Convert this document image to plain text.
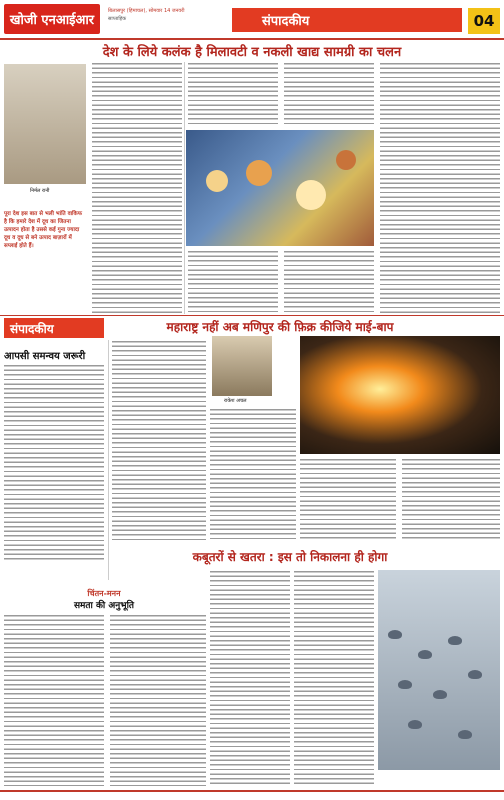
खोजी एनआईआर
बिलासपुर (हिमाचल), सोमवार 14 जनवरी
साप्ताहिक	संपादकीय	04
देश के लिये कलंक है मिलावटी व नकली खाद्य सामग्री का चलन
निर्मल रानी
पूरा देश इस बात से भली भांति वाकिफ है कि हमारे देश में दूध का जितना उत्पादन होता है उससे कई गुना ज्यादा दूध व दूध से बने उत्पाद बाज़ारों में सप्लाई होते हैं।
संपादकीय	महाराष्ट्र नहीं अब मणिपुर की फ़िक्र कीजिये माई-बाप
आपसी समन्वय जरूरी
राकेश अचल
चिंतन-मनन
समता की अनुभूति
कबूतरों से खतरा : इस तो निकालना ही होगा
